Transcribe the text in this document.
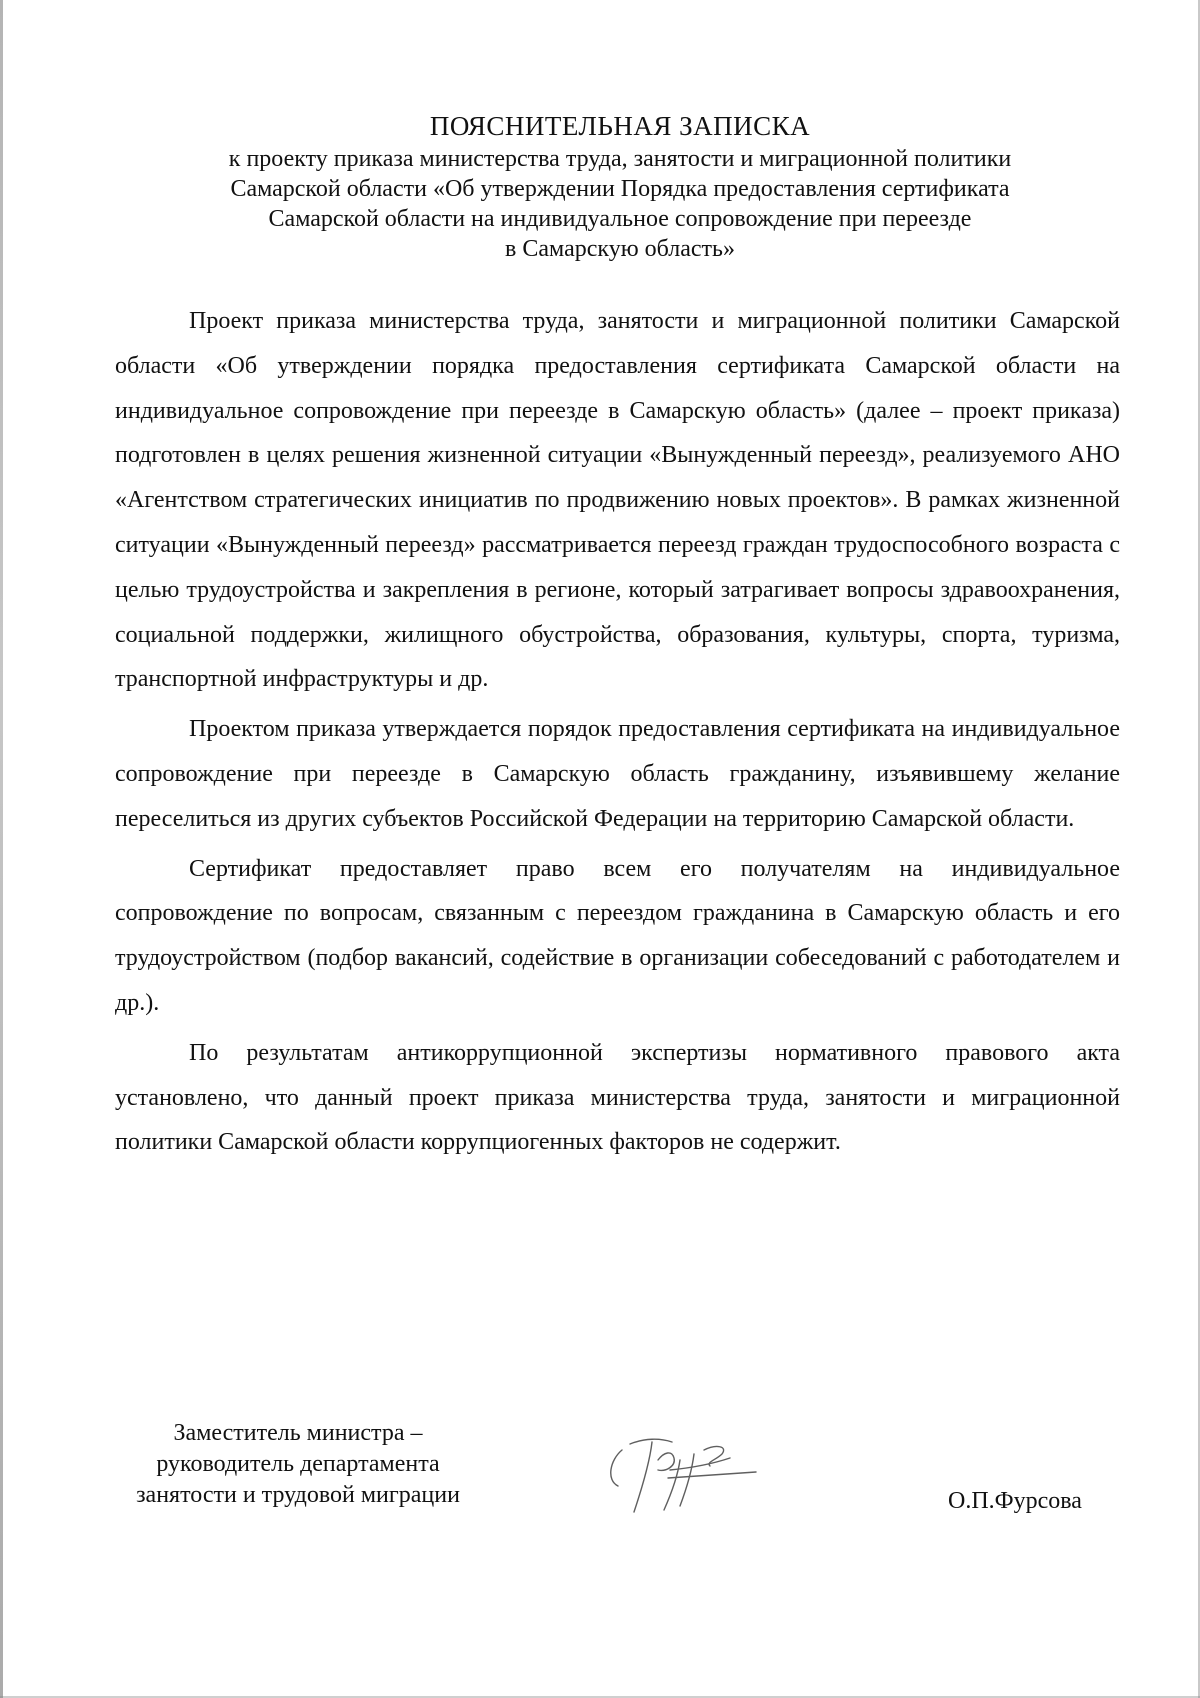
ПОЯСНИТЕЛЬНАЯ ЗАПИСКА
к проекту приказа министерства труда, занятости и миграционной политики
Самарской области «Об утверждении Порядка предоставления сертификата
Самарской области на индивидуальное сопровождение при переезде
в Самарскую область»

Проект приказа министерства труда, занятости и миграционной политики Самарской области «Об утверждении порядка предоставления сертификата Самарской области на индивидуальное сопровождение при переезде в Самарскую область» (далее – проект приказа) подготовлен в целях решения жизненной ситуации «Вынужденный переезд», реализуемого АНО «Агентством стратегических инициатив по продвижению новых проектов». В рамках жизненной ситуации «Вынужденный переезд» рассматривается переезд граждан трудоспособного возраста с целью трудоустройства и закрепления в регионе, который затрагивает вопросы здравоохранения, социальной поддержки, жилищного обустройства, образования, культуры, спорта, туризма, транспортной инфраструктуры и др.

Проектом приказа утверждается порядок предоставления сертификата на индивидуальное сопровождение при переезде в Самарскую область гражданину, изъявившему желание переселиться из других субъектов Российской Федерации на территорию Самарской области.

Сертификат предоставляет право всем его получателям на индивидуальное сопровождение по вопросам, связанным с переездом гражданина в Самарскую область и его трудоустройством (подбор вакансий, содействие в организации собеседований с работодателем и др.).

По результатам антикоррупционной экспертизы нормативного правового акта установлено, что данный проект приказа министерства труда, занятости и миграционной политики Самарской области коррупциогенных факторов не содержит.

Заместитель министра –
руководитель департамента
занятости и трудовой миграции	О.П.Фурсова
